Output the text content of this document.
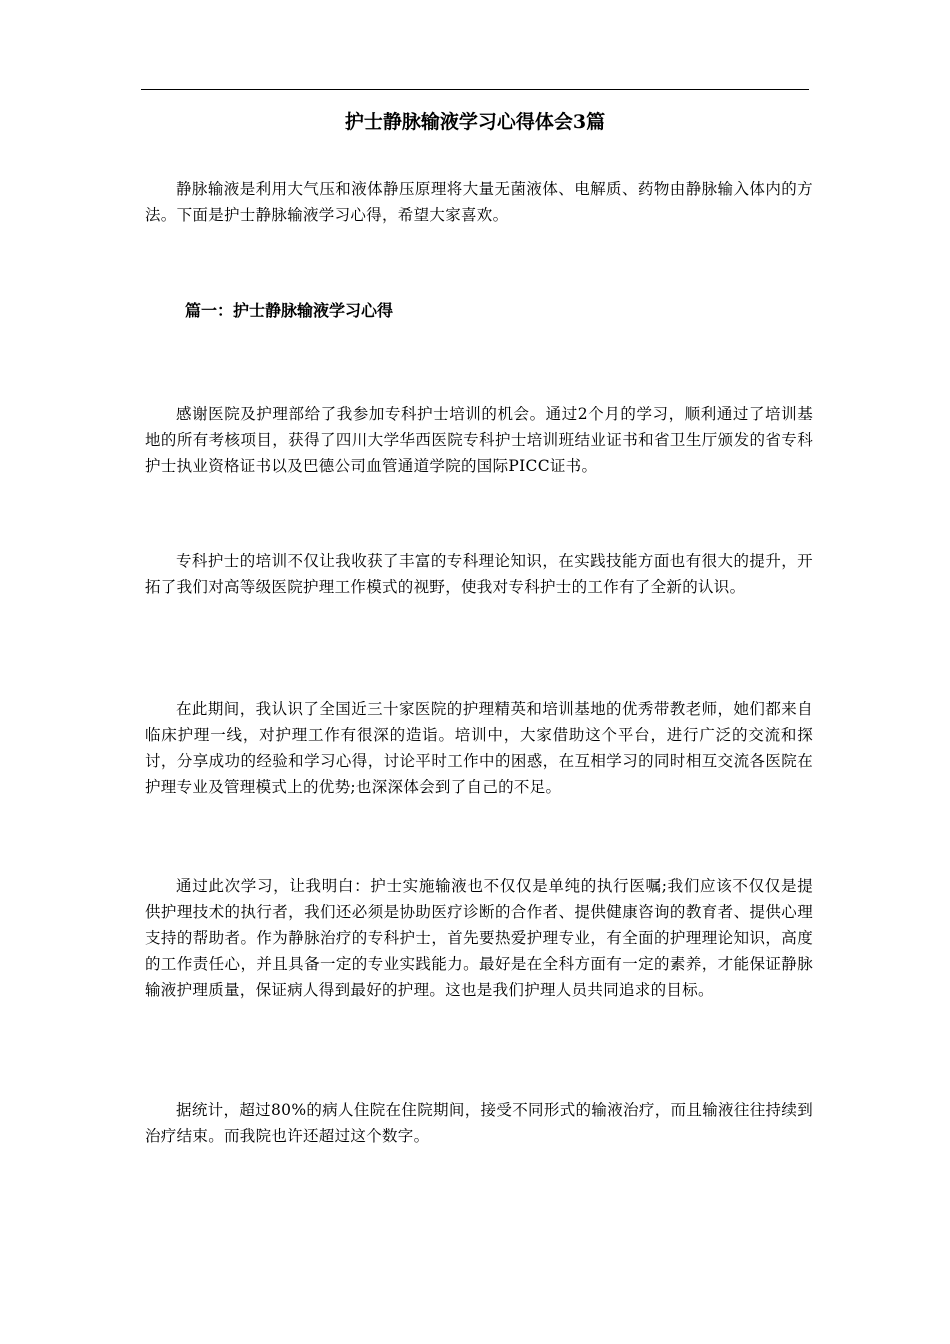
护士静脉输液学习心得体会3篇

静脉输液是利用大气压和液体静压原理将大量无菌液体、电解质、药物由静脉输入体内的方法。下面是护士静脉输液学习心得，希望大家喜欢。

篇一：护士静脉输液学习心得

感谢医院及护理部给了我参加专科护士培训的机会。通过2个月的学习，顺利通过了培训基地的所有考核项目，获得了四川大学华西医院专科护士培训班结业证书和省卫生厅颁发的省专科护士执业资格证书以及巴德公司血管通道学院的国际PICC证书。

专科护士的培训不仅让我收获了丰富的专科理论知识，在实践技能方面也有很大的提升，开拓了我们对高等级医院护理工作模式的视野，使我对专科护士的工作有了全新的认识。

在此期间，我认识了全国近三十家医院的护理精英和培训基地的优秀带教老师，她们都来自临床护理一线，对护理工作有很深的造诣。培训中，大家借助这个平台，进行广泛的交流和探讨，分享成功的经验和学习心得，讨论平时工作中的困惑，在互相学习的同时相互交流各医院在护理专业及管理模式上的优势;也深深体会到了自己的不足。

通过此次学习，让我明白：护士实施输液也不仅仅是单纯的执行医嘱;我们应该不仅仅是提供护理技术的执行者，我们还必须是协助医疗诊断的合作者、提供健康咨询的教育者、提供心理支持的帮助者。作为静脉治疗的专科护士，首先要热爱护理专业，有全面的护理理论知识，高度的工作责任心，并且具备一定的专业实践能力。最好是在全科方面有一定的素养，才能保证静脉输液护理质量，保证病人得到最好的护理。这也是我们护理人员共同追求的目标。

据统计，超过80%的病人住院在住院期间，接受不同形式的输液治疗，而且输液往往持续到治疗结束。而我院也许还超过这个数字。
